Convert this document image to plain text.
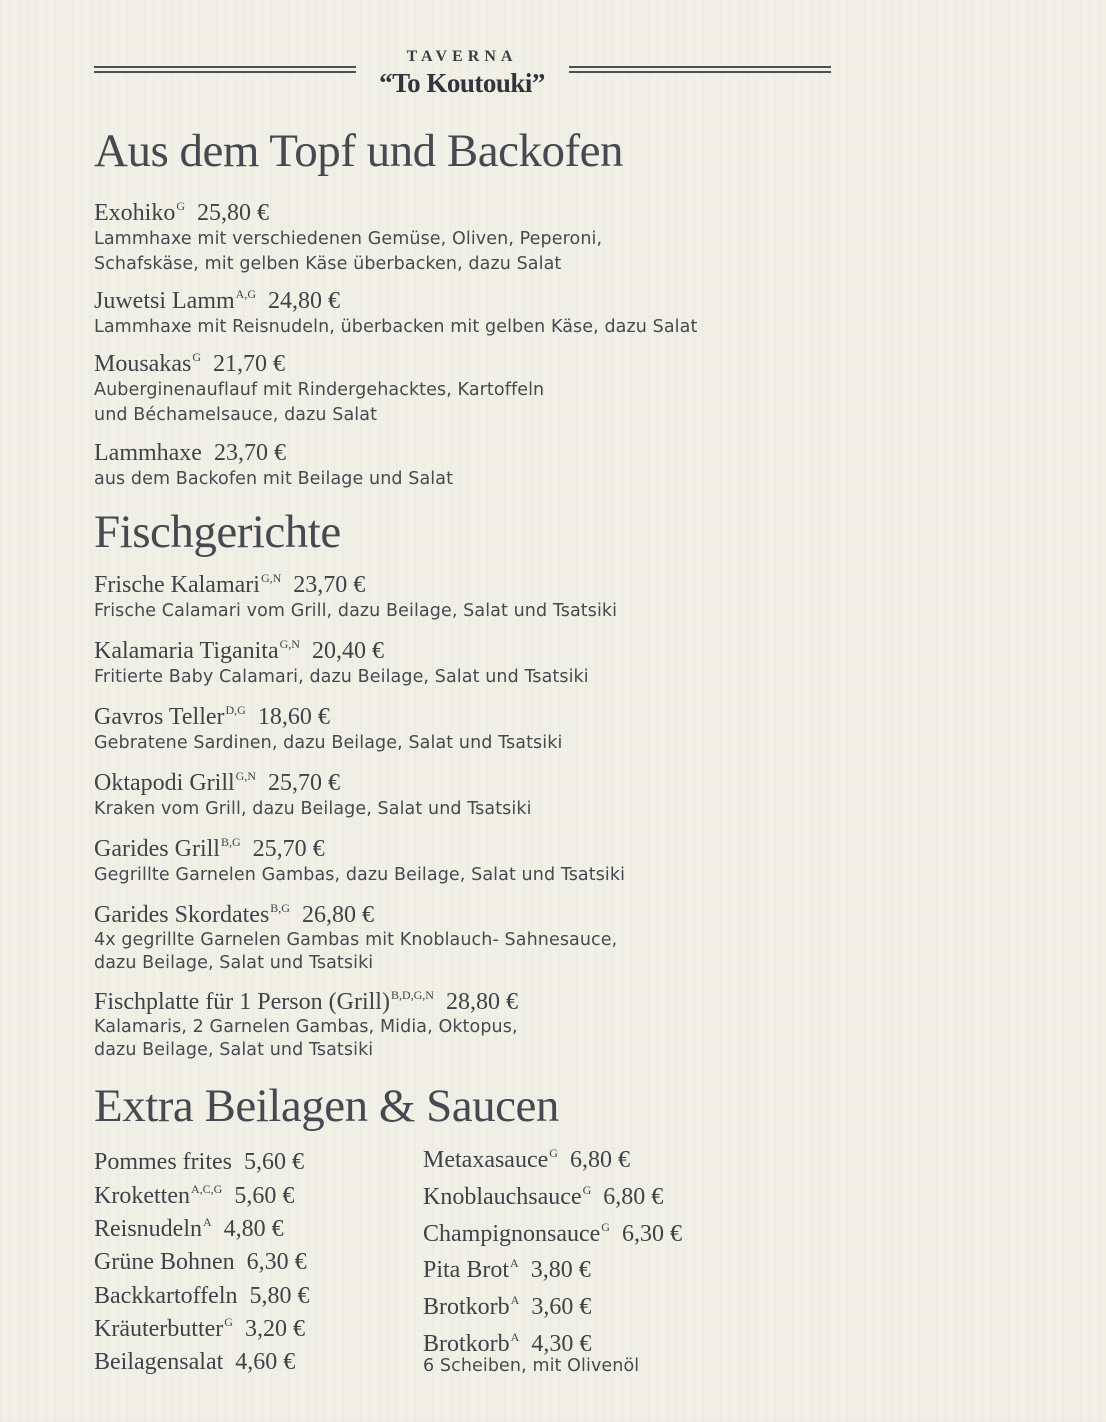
TAVERNA
“To Koutouki”
Aus dem Topf und Backofen
Exohiko$^G$ 25,80 €
Lammhaxe mit verschiedenen Gemüse, Oliven, Peperoni,
Schafskäse, mit gelben Käse überbacken, dazu Salat
Juwetsi Lamm$^{A,G}$ 24,80 €
Lammhaxe mit Reisnudeln, überbacken mit gelben Käse, dazu Salat
Mousakas$^G$ 21,70 €
Auberginenauflauf mit Rindergehacktes, Kartoffeln
und Béchamelsauce, dazu Salat
Lammhaxe 23,70 €
aus dem Backofen mit Beilage und Salat
Fischgerichte
Frische Kalamari$^{G,N}$ 23,70 €
Frische Calamari vom Grill, dazu Beilage, Salat und Tsatsiki
Kalamaria Tiganita$^{G,N}$ 20,40 €
Fritierte Baby Calamari, dazu Beilage, Salat und Tsatsiki
Gavros Teller$^{D,G}$ 18,60 €
Gebratene Sardinen, dazu Beilage, Salat und Tsatsiki
Oktapodi Grill$^{G,N}$ 25,70 €
Kraken vom Grill, dazu Beilage, Salat und Tsatsiki
Garides Grill$^{B,G}$ 25,70 €
Gegrillte Garnelen Gambas, dazu Beilage, Salat und Tsatsiki
Garides Skordates$^{B,G}$ 26,80 €
4x gegrillte Garnelen Gambas mit Knoblauch- Sahnesauce,
dazu Beilage, Salat und Tsatsiki
Fischplatte für 1 Person (Grill)$^{B,D,G,N}$ 28,80 €
Kalamaris, 2 Garnelen Gambas, Midia, Oktopus,
dazu Beilage, Salat und Tsatsiki
Extra Beilagen & Saucen
Pommes frites 5,60 €
Kroketten$^{A,C,G}$ 5,60 €
Reisnudeln$^A$ 4,80 €
Grüne Bohnen 6,30 €
Backkartoffeln 5,80 €
Kräuterbutter$^G$ 3,20 €
Beilagensalat 4,60 €
Metaxasauce$^G$ 6,80 €
Knoblauchsauce$^G$ 6,80 €
Champignonsauce$^G$ 6,30 €
Pita Brot$^A$ 3,80 €
Brotkorb$^A$ 3,60 €
Brotkorb$^A$ 4,30 €
6 Scheiben, mit Olivenöl
